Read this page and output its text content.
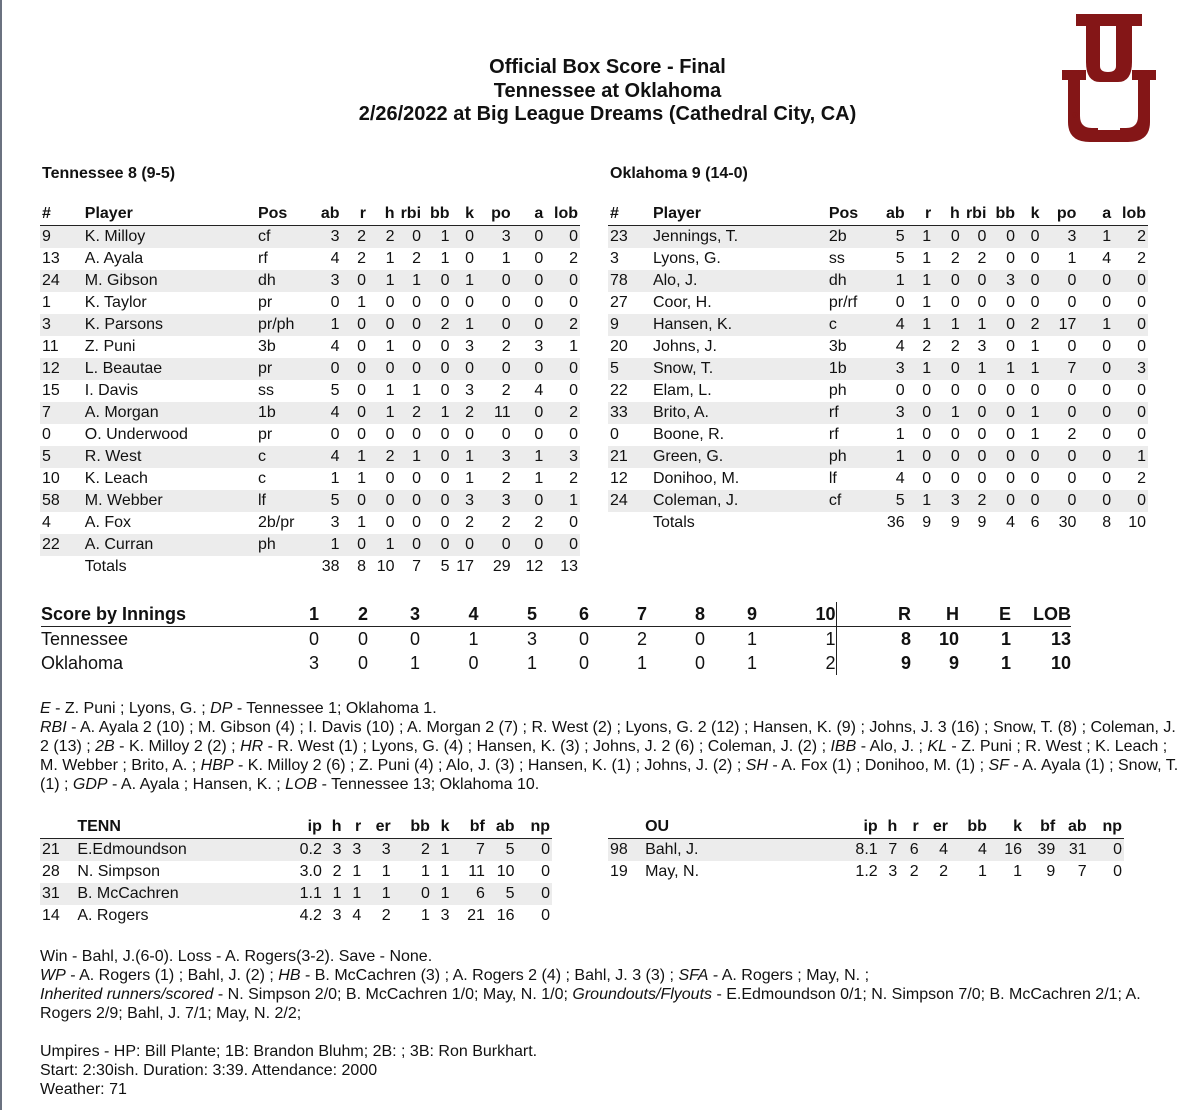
Official Box Score - Final
Tennessee at Oklahoma
2/26/2022 at Big League Dreams (Cathedral City, CA)	®
Tennessee 8 (9-5)	Oklahoma 9 (14-0)
#	Player	Pos	ab	r	h	rbi	bb	k	po	a	lob
9	K. Milloy	cf	3	2	2	0	1	0	3	0	0
13	A. Ayala	rf	4	2	1	2	1	0	1	0	2
24	M. Gibson	dh	3	0	1	1	0	1	0	0	0
1	K. Taylor	pr	0	1	0	0	0	0	0	0	0
3	K. Parsons	pr/ph	1	0	0	0	2	1	0	0	2
11	Z. Puni	3b	4	0	1	0	0	3	2	3	1
12	L. Beautae	pr	0	0	0	0	0	0	0	0	0
15	I. Davis	ss	5	0	1	1	0	3	2	4	0
7	A. Morgan	1b	4	0	1	2	1	2	11	0	2
0	O. Underwood	pr	0	0	0	0	0	0	0	0	0
5	R. West	c	4	1	2	1	0	1	3	1	3
10	K. Leach	c	1	1	0	0	0	1	2	1	2
58	M. Webber	lf	5	0	0	0	0	3	3	0	1
4	A. Fox	2b/pr	3	1	0	0	0	2	2	2	0
22	A. Curran	ph	1	0	1	0	0	0	0	0	0
	Totals		38	8	10	7	5	17	29	12	13
#	Player	Pos	ab	r	h	rbi	bb	k	po	a	lob
23	Jennings, T.	2b	5	1	0	0	0	0	3	1	2
3	Lyons, G.	ss	5	1	2	2	0	0	1	4	2
78	Alo, J.	dh	1	1	0	0	3	0	0	0	0
27	Coor, H.	pr/rf	0	1	0	0	0	0	0	0	0
9	Hansen, K.	c	4	1	1	1	0	2	17	1	0
20	Johns, J.	3b	4	2	2	3	0	1	0	0	0
5	Snow, T.	1b	3	1	0	1	1	1	7	0	3
22	Elam, L.	ph	0	0	0	0	0	0	0	0	0
33	Brito, A.	rf	3	0	1	0	0	1	0	0	0
0	Boone, R.	rf	1	0	0	0	0	1	2	0	0
21	Green, G.	ph	1	0	0	0	0	0	0	0	1
12	Donihoo, M.	lf	4	0	0	0	0	0	0	0	2
24	Coleman, J.	cf	5	1	3	2	0	0	0	0	0
	Totals		36	9	9	9	4	6	30	8	10
Score by Innings	1	2	3	4	5	6	7	8	9	10	R	H	E	LOB
Tennessee	0	0	0	1	3	0	2	0	1	1	8	10	1	13
Oklahoma	3	0	1	0	1	0	1	0	1	2	9	9	1	10
E - Z. Puni ; Lyons, G. ; DP - Tennessee 1; Oklahoma 1.
RBI - A. Ayala 2 (10) ; M. Gibson (4) ; I. Davis (10) ; A. Morgan 2 (7) ; R. West (2) ; Lyons, G. 2 (12) ; Hansen, K. (9) ; Johns, J. 3 (16) ; Snow, T. (8) ; Coleman, J. 2 (13) ; 2B - K. Milloy 2 (2) ; HR - R. West (1) ; Lyons, G. (4) ; Hansen, K. (3) ; Johns, J. 2 (6) ; Coleman, J. (2) ; IBB - Alo, J. ; KL - Z. Puni ; R. West ; K. Leach ; M. Webber ; Brito, A. ; HBP - K. Milloy 2 (6) ; Z. Puni (4) ; Alo, J. (3) ; Hansen, K. (1) ; Johns, J. (2) ; SH - A. Fox (1) ; Donihoo, M. (1) ; SF - A. Ayala (1) ; Snow, T. (1) ; GDP - A. Ayala ; Hansen, K. ; LOB - Tennessee 13; Oklahoma 10.
	TENN	ip	h	r	er	bb	k	bf	ab	np
21	E.Edmoundson	0.2	3	3	3	2	1	7	5	0
28	N. Simpson	3.0	2	1	1	1	1	11	10	0
31	B. McCachren	1.1	1	1	1	0	1	6	5	0
14	A. Rogers	4.2	3	4	2	1	3	21	16	0
	OU	ip	h	r	er	bb	k	bf	ab	np
98	Bahl, J.	8.1	7	6	4	4	16	39	31	0
19	May, N.	1.2	3	2	2	1	1	9	7	0
Win - Bahl, J.(6-0). Loss - A. Rogers(3-2). Save - None.
WP - A. Rogers (1) ; Bahl, J. (2) ; HB - B. McCachren (3) ; A. Rogers 2 (4) ; Bahl, J. 3 (3) ; SFA - A. Rogers ; May, N. ;
Inherited runners/scored - N. Simpson 2/0; B. McCachren 1/0; May, N. 1/0; Groundouts/Flyouts - E.Edmoundson 0/1; N. Simpson 7/0; B. McCachren 2/1; A. Rogers 2/9; Bahl, J. 7/1; May, N. 2/2;
Umpires - HP: Bill Plante; 1B: Brandon Bluhm; 2B: ; 3B: Ron Burkhart.
Start: 2:30ish. Duration: 3:39. Attendance: 2000
Weather: 71
